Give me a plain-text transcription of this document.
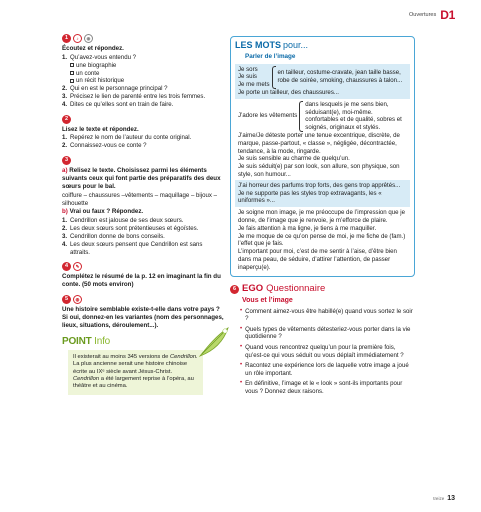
Ouvertures D1
1	♪	◉
Écoutez et répondez.
1. Qu’avez-vous entendu ?
une biographie
un conte
un récit historique
2. Qui en est le personnage principal ?
3. Précisez le lien de parenté entre les trois femmes.
4. Dites ce qu’elles sont en train de faire.
2
Lisez le texte et répondez.
1. Repérez le nom de l’auteur du conte original.
2. Connaissez-vous ce conte ?
3
a) Relisez le texte. Choisissez parmi les éléments suivants ceux qui font partie des préparatifs des deux sœurs pour le bal.
coiffure – chaussures –vêtements – maquillage – bijoux – silhouette
b) Vrai ou faux ? Répondez.
1. Cendrillon est jalouse de ses deux sœurs.
2. Les deux sœurs sont prétentieuses et égoïstes.
3. Cendrillon donne de bons conseils.
4. Les deux sœurs pensent que Cendrillon est sans attraits.
4	✎
Complétez le résumé de la p. 12 en imaginant la fin du conte. (50 mots environ)
5	◍
Une histoire semblable existe-t-elle dans votre pays ? Si oui, donnez-en les variantes (nom des personnages, lieux, situations, déroulement...).
POINT Info
Il existerait au moins 345 versions de Cendrillon.
La plus ancienne serait une histoire chinoise écrite au IXᵉ siècle avant Jésus-Christ. Cendrillon a été largement reprise à l’opéra, au théâtre et au cinéma.
LES MOTS pour...
Parler de l’image
Je sors
Je suis
Je me mets
en tailleur, costume-cravate, jean taille basse, robe de soirée, smoking, chaussures à talon...
Je porte un tailleur, des chaussures...
J’adore les vêtements
dans lesquels je me sens bien, séduisant(e), moi-même.
confortables et de qualité, sobres et soignés, originaux et stylés.
J’aime/Je déteste porter une tenue excentrique, discrète, de marque, passe-partout, « classe », négligée, décontractée, tendance, à la mode, ringarde.
Je suis sensible au charme de quelqu’un.
Je suis séduit(e) par son look, son allure, son physique, son style, son humour...
J’ai horreur des parfums trop forts, des gens trop apprêtés...
Je ne supporte pas les styles trop extravagants, les « uniformes »...
Je soigne mon image, je me préoccupe de l’impression que je donne, de l’image que je renvoie, je m’efforce de plaire.
Je fais attention à ma ligne, je tiens à me maquiller.
Je me moque de ce qu’on pense de moi, je me fiche de (fam.) l’effet que je fais.
L’important pour moi, c’est de me sentir à l’aise, d’être bien dans ma peau, de séduire, d’attirer l’attention, de passer inaperçu(e).
6 EGO Questionnaire
Vous et l’image
• Comment aimez-vous être habillé(e) quand vous sortez le soir ?
• Quels types de vêtements détesteriez-vous porter dans la vie quotidienne ?
• Quand vous rencontrez quelqu’un pour la première fois, qu’est-ce qui vous séduit ou vous déplaît immédiatement ?
• Racontez une expérience lors de laquelle votre image a joué un rôle important.
• En définitive, l’image et le « look » sont-ils importants pour vous ? Donnez deux raisons.
treize 13
